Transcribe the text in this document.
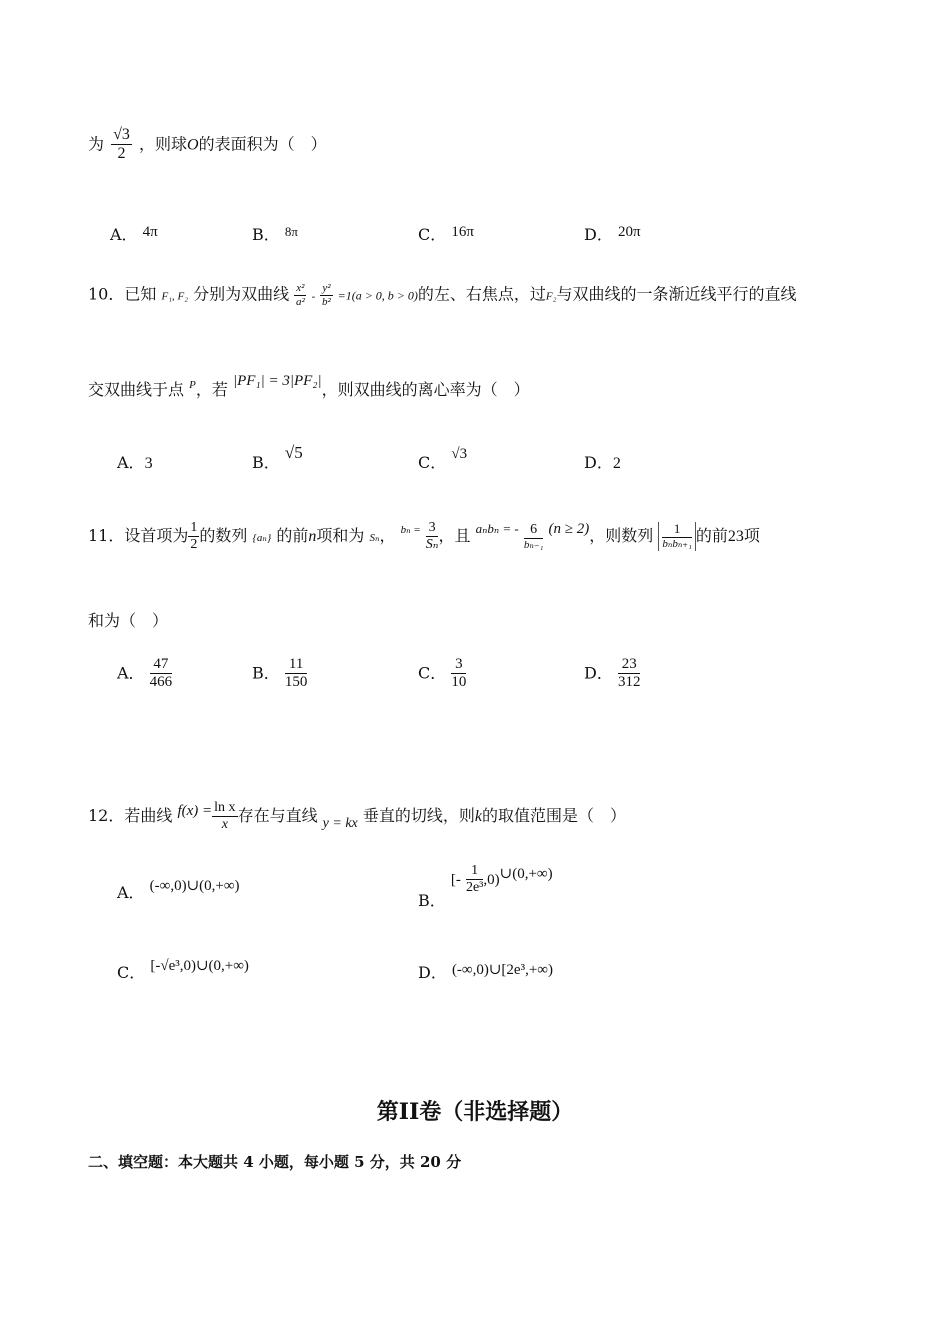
为 $\frac{√3}{2}$ ，则球O的表面积为（　）
A． 4π	B． $^{8\pi}$	C． 16π	D． 20π
10．已知 F₁, F₂ 分别为双曲线 $\frac{\text{x²}}{\text{a²}} - \frac{\text{y²}}{\text{b²}} =1(a > 0$, b > 0)的左、右焦点，过F₂与双曲线的一条渐近线平行的直线
交双曲线于点 $^P$，若 |PF₁| = 3|PF₂|，则双曲线的离心率为（　）
A．3	B． √5
C． √3	D．2
11．设首项为 $\frac{1}{2}$ 的数列 {aₙ} 的前n项和为 Sₙ， $^{b_n =} \frac{3}{\text{Sₙ}}$ ，且 $^{a_nb_n = -} \frac{6}{\text{bₙ₋₁}} (n \ge 2)$，则数列 $\frac{1}{\text{bₙbₙ₊₁}}$ 的前23项
和为（　）
A． $\frac{47}{466}$	B． $\frac{11}{150}$	C． $\frac{3}{10}$	D． $\frac{23}{312}$
12．若曲线 $f(x) = \frac{\text{ln x}}{x}$ 存在与直线 y = kx 垂直的切线，则k的取值范围是（　）
A． (-∞,0)∪(0,+∞)
B． [- $\frac{1}{\text{2e³}}$ ,0)∪(0,+∞)
C． [-√e³,0)∪(0,+∞)	D． (-∞,0)∪[2e³,+∞)
第II卷（非选择题）
二、填空题：本大题共 4 小题，每小题 5 分，共 20 分
